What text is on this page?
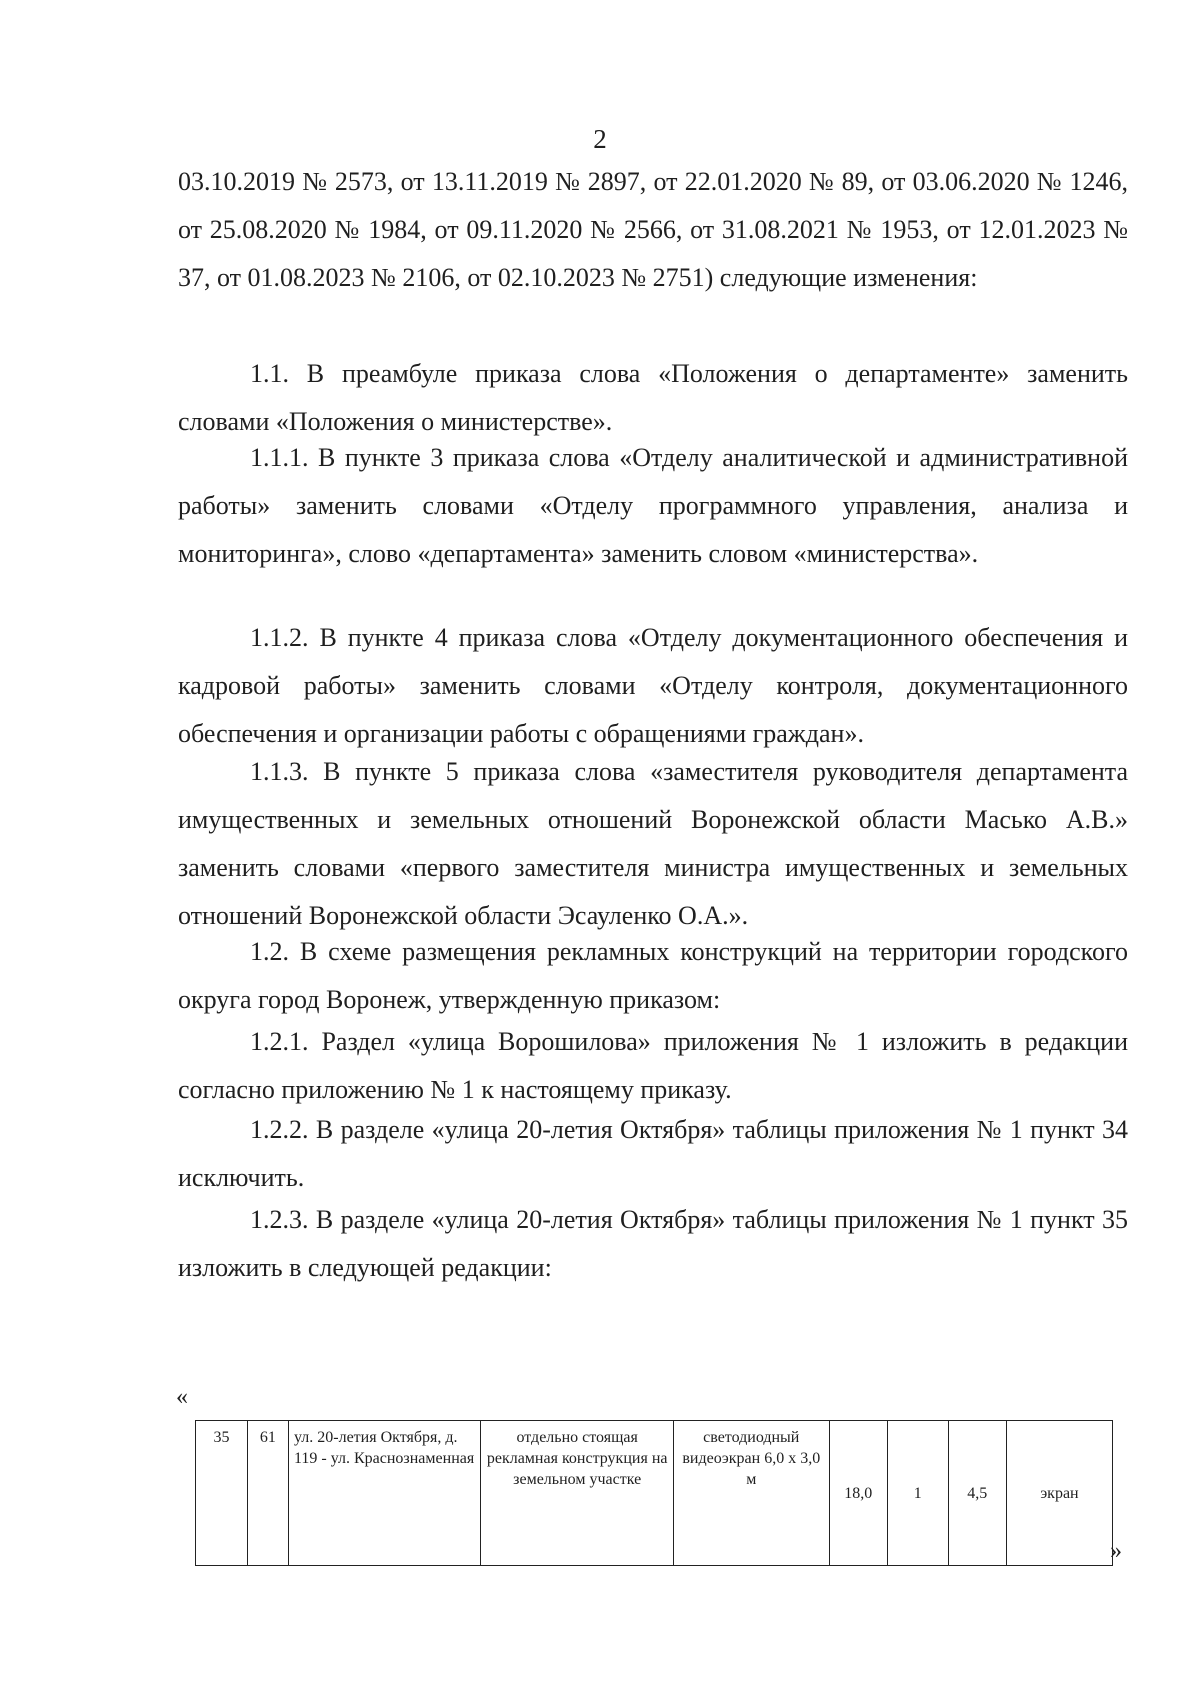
2

03.10.2019 № 2573, от 13.11.2019 № 2897, от 22.01.2020 № 89, от 03.06.2020 № 1246, от 25.08.2020 № 1984, от 09.11.2020 № 2566, от 31.08.2021 № 1953, от 12.01.2023 № 37, от 01.08.2023 № 2106, от 02.10.2023 № 2751) следующие изменения:

1.1. В преамбуле приказа слова «Положения о департаменте» заменить словами «Положения о министерстве».

1.1.1. В пункте 3 приказа слова «Отделу аналитической и административной работы» заменить словами «Отделу программного управления, анализа и мониторинга», слово «департамента» заменить словом «министерства».

1.1.2. В пункте 4 приказа слова «Отделу документационного обеспечения и кадровой работы» заменить словами «Отделу контроля, документационного обеспечения и организации работы с обращениями граждан».

1.1.3. В пункте 5 приказа слова «заместителя руководителя департамента имущественных и земельных отношений Воронежской области Масько А.В.» заменить словами «первого заместителя министра имущественных и земельных отношений Воронежской области Эсауленко О.А.».

1.2. В схеме размещения рекламных конструкций на территории городского округа город Воронеж, утвержденную приказом:

1.2.1. Раздел «улица Ворошилова» приложения № 1 изложить в редакции согласно приложению № 1 к настоящему приказу.

1.2.2. В разделе «улица 20-летия Октября» таблицы приложения № 1 пункт 34 исключить.

1.2.3. В разделе «улица 20-летия Октября» таблицы приложения № 1 пункт 35 изложить в следующей редакции:

«
35	61	ул. 20-летия Октября, д. 119 - ул. Краснознаменная	отдельно стоящая рекламная конструкция на земельном участке	светодиодный видеоэкран 6,0 х 3,0 м	18,0	1	4,5	экран
»
